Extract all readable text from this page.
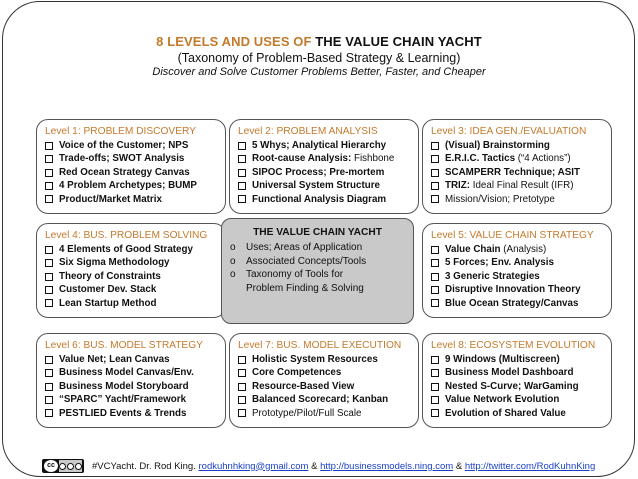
8 LEVELS AND USES OF THE VALUE CHAIN YACHT
(Taxonomy of Problem-Based Strategy & Learning)
Discover and Solve Customer Problems Better, Faster, and Cheaper
Level 1: PROBLEM DISCOVERY
Voice of the Customer; NPS
Trade-offs; SWOT Analysis
Red Ocean Strategy Canvas
4 Problem Archetypes; BUMP
Product/Market Matrix
Level 2: PROBLEM ANALYSIS
5 Whys; Analytical Hierarchy
Root-cause Analysis: Fishbone
SIPOC Process; Pre-mortem
Universal System Structure
Functional Analysis Diagram
Level 3: IDEA GEN./EVALUATION
(Visual) Brainstorming
E.R.I.C. Tactics (“4 Actions”)
SCAMPERR Technique; ASIT
TRIZ: Ideal Final Result (IFR)
Mission/Vision; Pretotype
Level 4: BUS. PROBLEM SOLVING
4 Elements of Good Strategy
Six Sigma Methodology
Theory of Constraints
Customer Dev. Stack
Lean Startup Method
Level 5: VALUE CHAIN STRATEGY
Value Chain (Analysis)
5 Forces; Env. Analysis
3 Generic Strategies
Disruptive Innovation Theory
Blue Ocean Strategy/Canvas
Level 6: BUS. MODEL STRATEGY
Value Net; Lean Canvas
Business Model Canvas/Env.
Business Model Storyboard
“SPARC” Yacht/Framework
PESTLIED Events & Trends
Level 7: BUS. MODEL EXECUTION
Holistic System Resources
Core Competences
Resource-Based View
Balanced Scorecard; Kanban
Prototype/Pilot/Full Scale
Level 8: ECOSYSTEM EVOLUTION
9 Windows (Multiscreen)
Business Model Dashboard
Nested S-Curve; WarGaming
Value Network Evolution
Evolution of Shared Value
THE VALUE CHAIN YACHT
o	Uses; Areas of Application
o	Associated Concepts/Tools
o	Taxonomy of Tools for
Problem Finding & Solving
cc	#VCYacht. Dr. Rod King. rodkuhnhking@gmail.com & http://businessmodels.ning.com & http://twitter.com/RodKuhnKing
